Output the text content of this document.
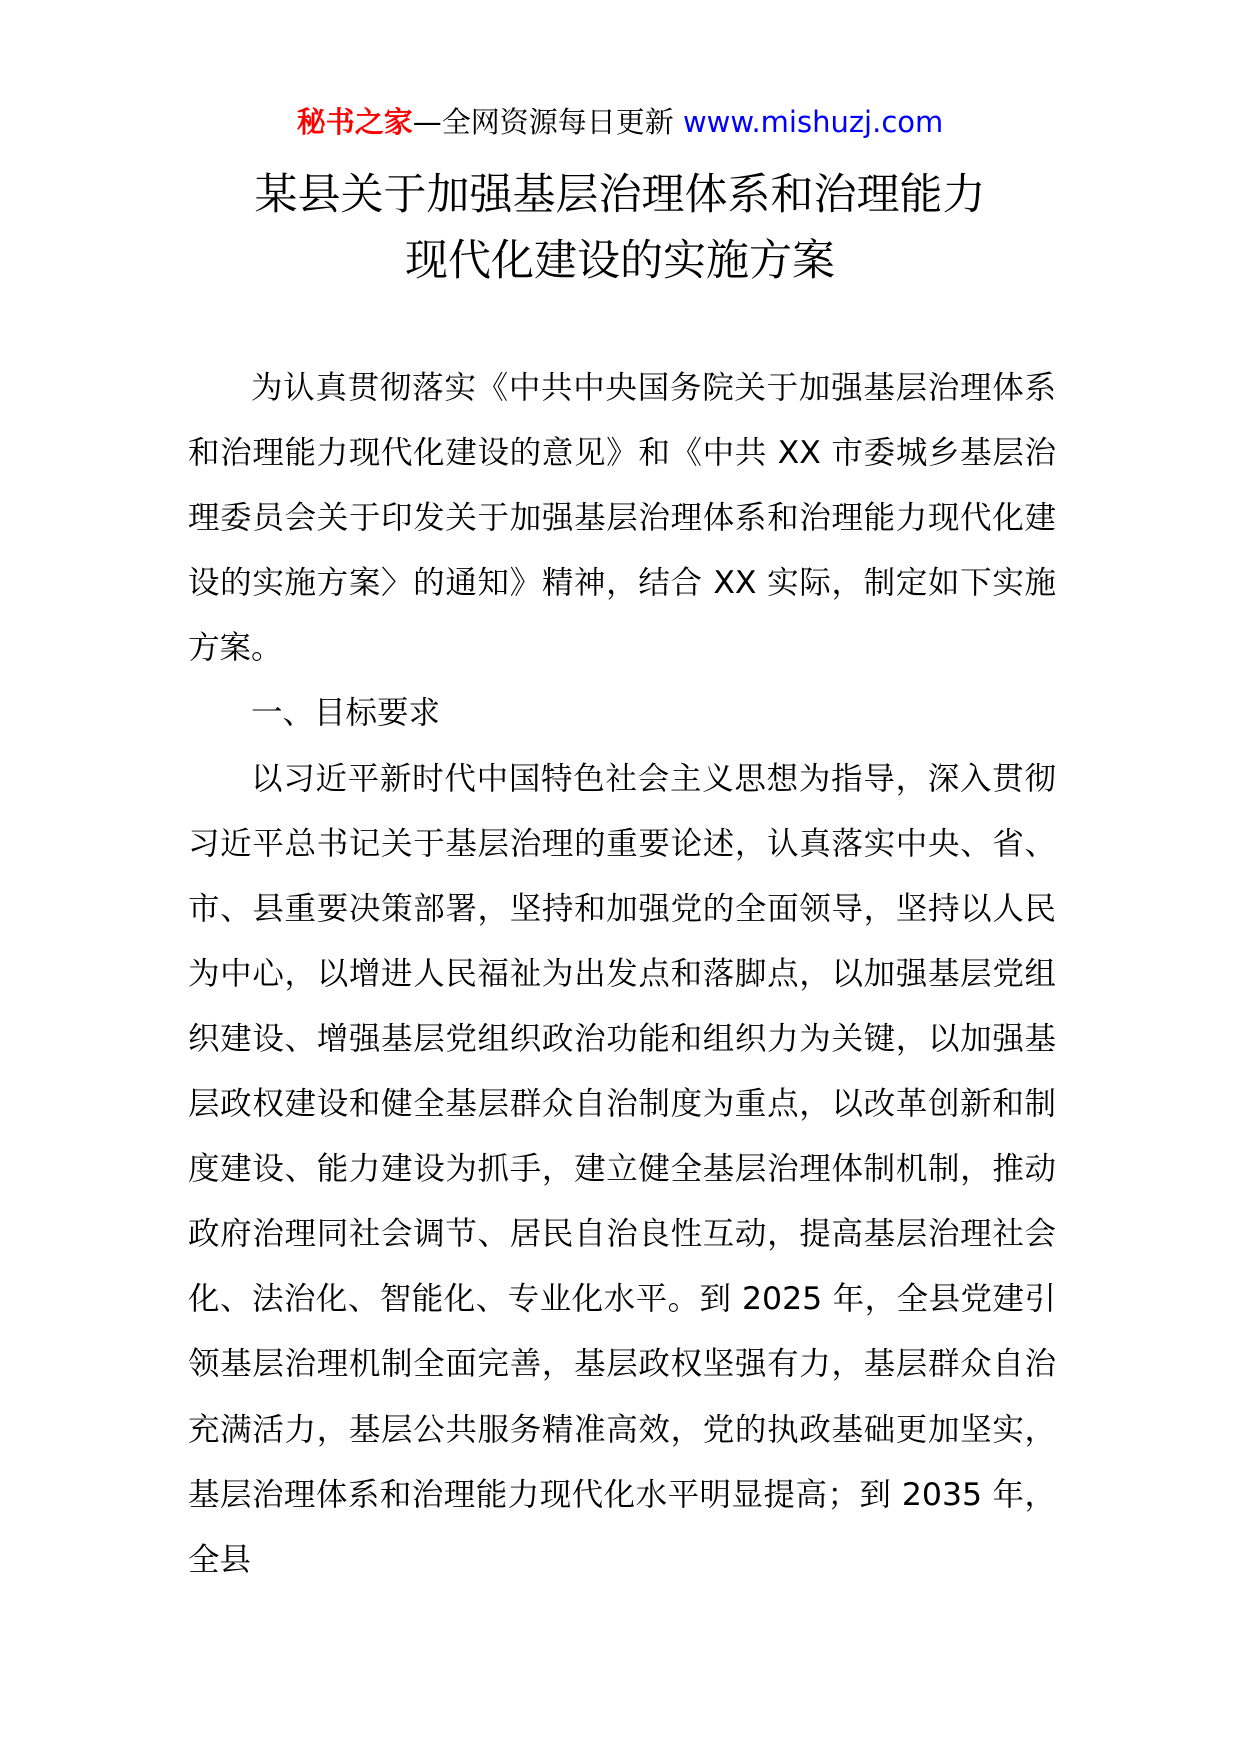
秘书之家—全网资源每日更新 www.mishuzj.com
某县关于加强基层治理体系和治理能力
现代化建设的实施方案

为认真贯彻落实《中共中央国务院关于加强基层治理体系和治理能力现代化建设的意见》和《中共 XX 市委城乡基层治理委员会关于印发关于加强基层治理体系和治理能力现代化建设的实施方案〉的通知》精神，结合 XX 实际，制定如下实施方案。

一、目标要求

以习近平新时代中国特色社会主义思想为指导，深入贯彻习近平总书记关于基层治理的重要论述，认真落实中央、省、市、县重要决策部署，坚持和加强党的全面领导，坚持以人民为中心，以增进人民福祉为出发点和落脚点，以加强基层党组织建设、增强基层党组织政治功能和组织力为关键，以加强基层政权建设和健全基层群众自治制度为重点，以改革创新和制度建设、能力建设为抓手，建立健全基层治理体制机制，推动政府治理同社会调节、居民自治良性互动，提高基层治理社会化、法治化、智能化、专业化水平。到 2025 年，全县党建引领基层治理机制全面完善，基层政权坚强有力，基层群众自治充满活力，基层公共服务精准高效，党的执政基础更加坚实，基层治理体系和治理能力现代化水平明显提高；到 2035 年，全县
